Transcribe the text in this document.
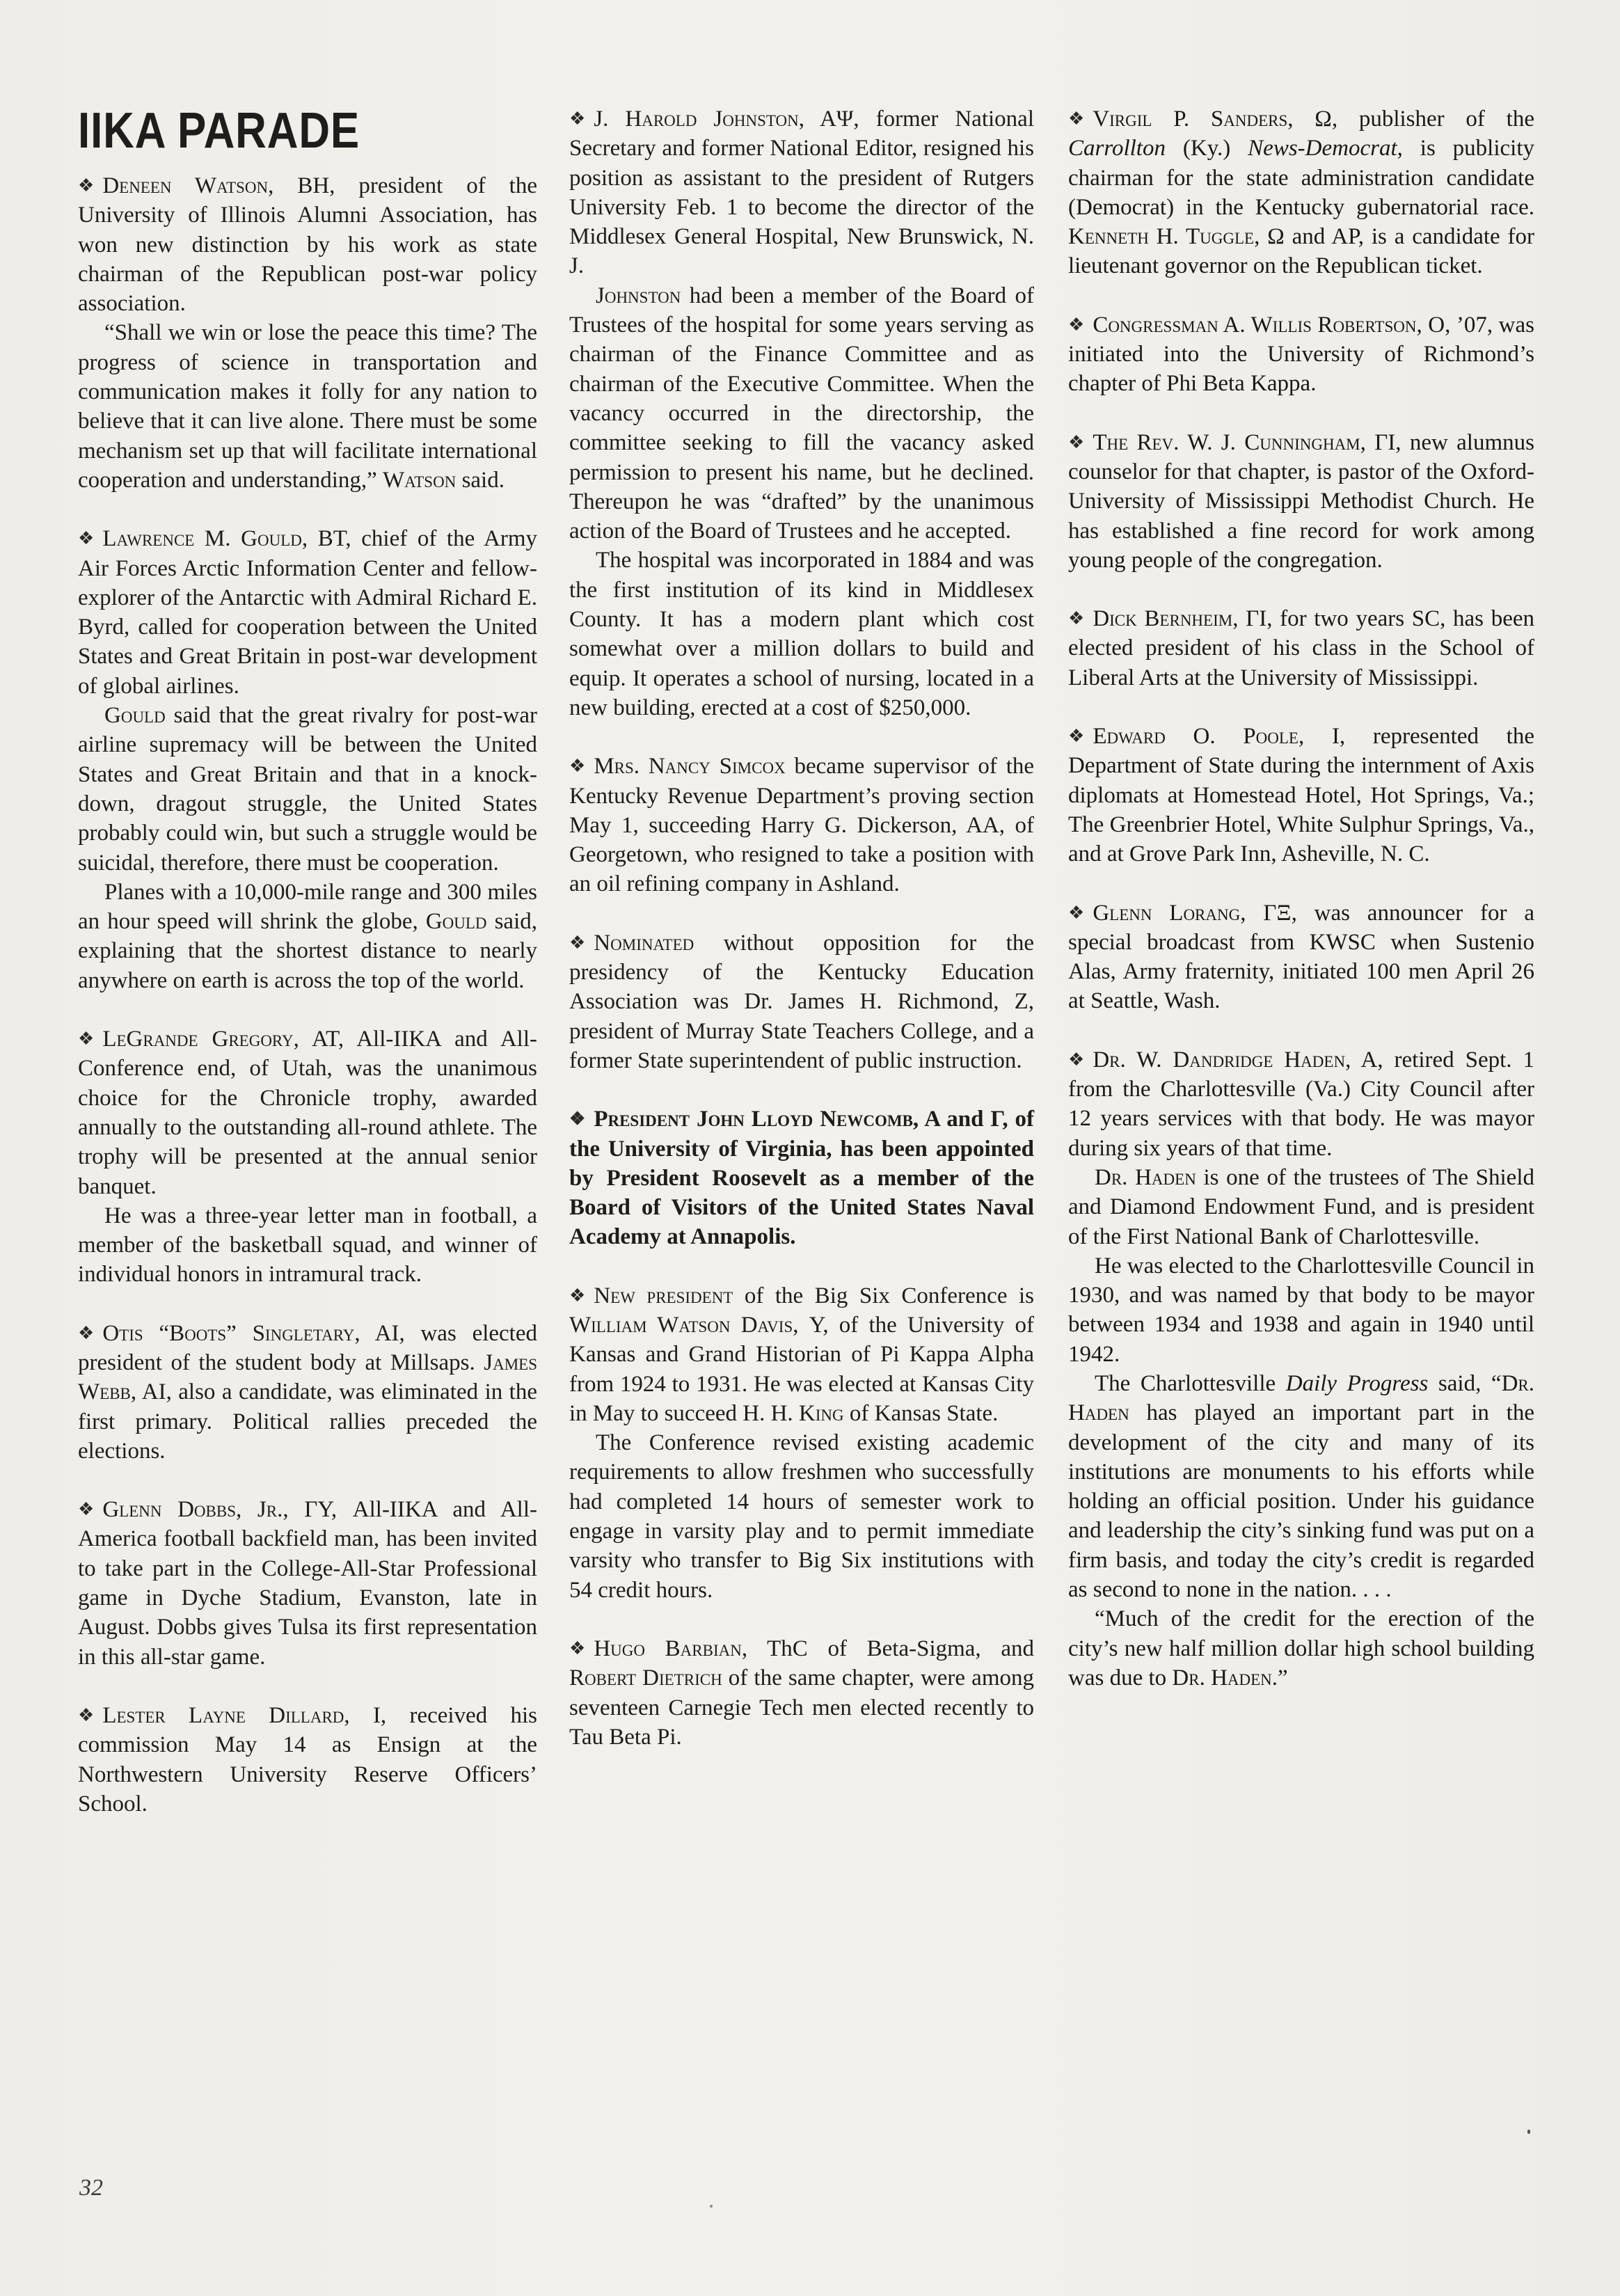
IIKA PARADE

❖ Deneen Watson, BH, president of the University of Illinois Alumni Association, has won new distinction by his work as state chairman of the Republican post-war policy association.

“Shall we win or lose the peace this time? The progress of science in transportation and communication makes it folly for any nation to believe that it can live alone. There must be some mechanism set up that will facilitate international cooperation and understanding,” Watson said.

❖ Lawrence M. Gould, BT, chief of the Army Air Forces Arctic Information Center and fellow-explorer of the Antarctic with Admiral Richard E. Byrd, called for cooperation between the United States and Great Britain in post-war development of global airlines.

Gould said that the great rivalry for post-war airline supremacy will be between the United States and Great Britain and that in a knock-down, dragout struggle, the United States probably could win, but such a struggle would be suicidal, therefore, there must be cooperation.

Planes with a 10,000-mile range and 300 miles an hour speed will shrink the globe, Gould said, explaining that the shortest distance to nearly anywhere on earth is across the top of the world.

❖ LeGrande Gregory, AT, All-IIKA and All-Conference end, of Utah, was the unanimous choice for the Chronicle trophy, awarded annually to the outstanding all-round athlete. The trophy will be presented at the annual senior banquet.

He was a three-year letter man in football, a member of the basketball squad, and winner of individual honors in intramural track.

❖ Otis “Boots” Singletary, AI, was elected president of the student body at Millsaps. James Webb, AI, also a candidate, was eliminated in the first primary. Political rallies preceded the elections.

❖ Glenn Dobbs, Jr., ΓΥ, All-IIKA and All-America football backfield man, has been invited to take part in the College-All-Star Professional game in Dyche Stadium, Evanston, late in August. Dobbs gives Tulsa its first representation in this all-star game.

❖ Lester Layne Dillard, I, received his commission May 14 as Ensign at the Northwestern University Reserve Officers’ School.

❖ J. Harold Johnston, AΨ, former National Secretary and former National Editor, resigned his position as assistant to the president of Rutgers University Feb. 1 to become the director of the Middlesex General Hospital, New Brunswick, N. J.

Johnston had been a member of the Board of Trustees of the hospital for some years serving as chairman of the Finance Committee and as chairman of the Executive Committee. When the vacancy occurred in the directorship, the committee seeking to fill the vacancy asked permission to present his name, but he declined. Thereupon he was “drafted” by the unanimous action of the Board of Trustees and he accepted.

The hospital was incorporated in 1884 and was the first institution of its kind in Middlesex County. It has a modern plant which cost somewhat over a million dollars to build and equip. It operates a school of nursing, located in a new building, erected at a cost of $250,000.

❖ Mrs. Nancy Simcox became supervisor of the Kentucky Revenue Department’s proving section May 1, succeeding Harry G. Dickerson, AA, of Georgetown, who resigned to take a position with an oil refining company in Ashland.

❖ Nominated without opposition for the presidency of the Kentucky Education Association was Dr. James H. Richmond, Z, president of Murray State Teachers College, and a former State superintendent of public instruction.

❖ President John Lloyd Newcomb, A and Γ, of the University of Virginia, has been appointed by President Roosevelt as a member of the Board of Visitors of the United States Naval Academy at Annapolis.

❖ New president of the Big Six Conference is William Watson Davis, Υ, of the University of Kansas and Grand Historian of Pi Kappa Alpha from 1924 to 1931. He was elected at Kansas City in May to succeed H. H. King of Kansas State.

The Conference revised existing academic requirements to allow freshmen who successfully had completed 14 hours of semester work to engage in varsity play and to permit immediate varsity who transfer to Big Six institutions with 54 credit hours.

❖ Hugo Barbian, ThC of Beta-Sigma, and Robert Dietrich of the same chapter, were among seventeen Carnegie Tech men elected recently to Tau Beta Pi.

❖ Virgil P. Sanders, Ω, publisher of the Carrollton (Ky.) News-Democrat, is publicity chairman for the state administration candidate (Democrat) in the Kentucky gubernatorial race. Kenneth H. Tuggle, Ω and AP, is a candidate for lieutenant governor on the Republican ticket.

❖ Congressman A. Willis Robertson, O, ’07, was initiated into the University of Richmond’s chapter of Phi Beta Kappa.

❖ The Rev. W. J. Cunningham, ΓI, new alumnus counselor for that chapter, is pastor of the Oxford-University of Mississippi Methodist Church. He has established a fine record for work among young people of the congregation.

❖ Dick Bernheim, ΓI, for two years SC, has been elected president of his class in the School of Liberal Arts at the University of Mississippi.

❖ Edward O. Poole, I, represented the Department of State during the internment of Axis diplomats at Homestead Hotel, Hot Springs, Va.; The Greenbrier Hotel, White Sulphur Springs, Va., and at Grove Park Inn, Asheville, N. C.

❖ Glenn Lorang, ΓΞ, was announcer for a special broadcast from KWSC when Sustenio Alas, Army fraternity, initiated 100 men April 26 at Seattle, Wash.

❖ Dr. W. Dandridge Haden, A, retired Sept. 1 from the Charlottesville (Va.) City Council after 12 years services with that body. He was mayor during six years of that time.

Dr. Haden is one of the trustees of The Shield and Diamond Endowment Fund, and is president of the First National Bank of Charlottesville.

He was elected to the Charlottesville Council in 1930, and was named by that body to be mayor between 1934 and 1938 and again in 1940 until 1942.

The Charlottesville Daily Progress said, “Dr. Haden has played an important part in the development of the city and many of its institutions are monuments to his efforts while holding an official position. Under his guidance and leadership the city’s sinking fund was put on a firm basis, and today the city’s credit is regarded as second to none in the nation. . . .

“Much of the credit for the erection of the city’s new half million dollar high school building was due to Dr. Haden.”

32
